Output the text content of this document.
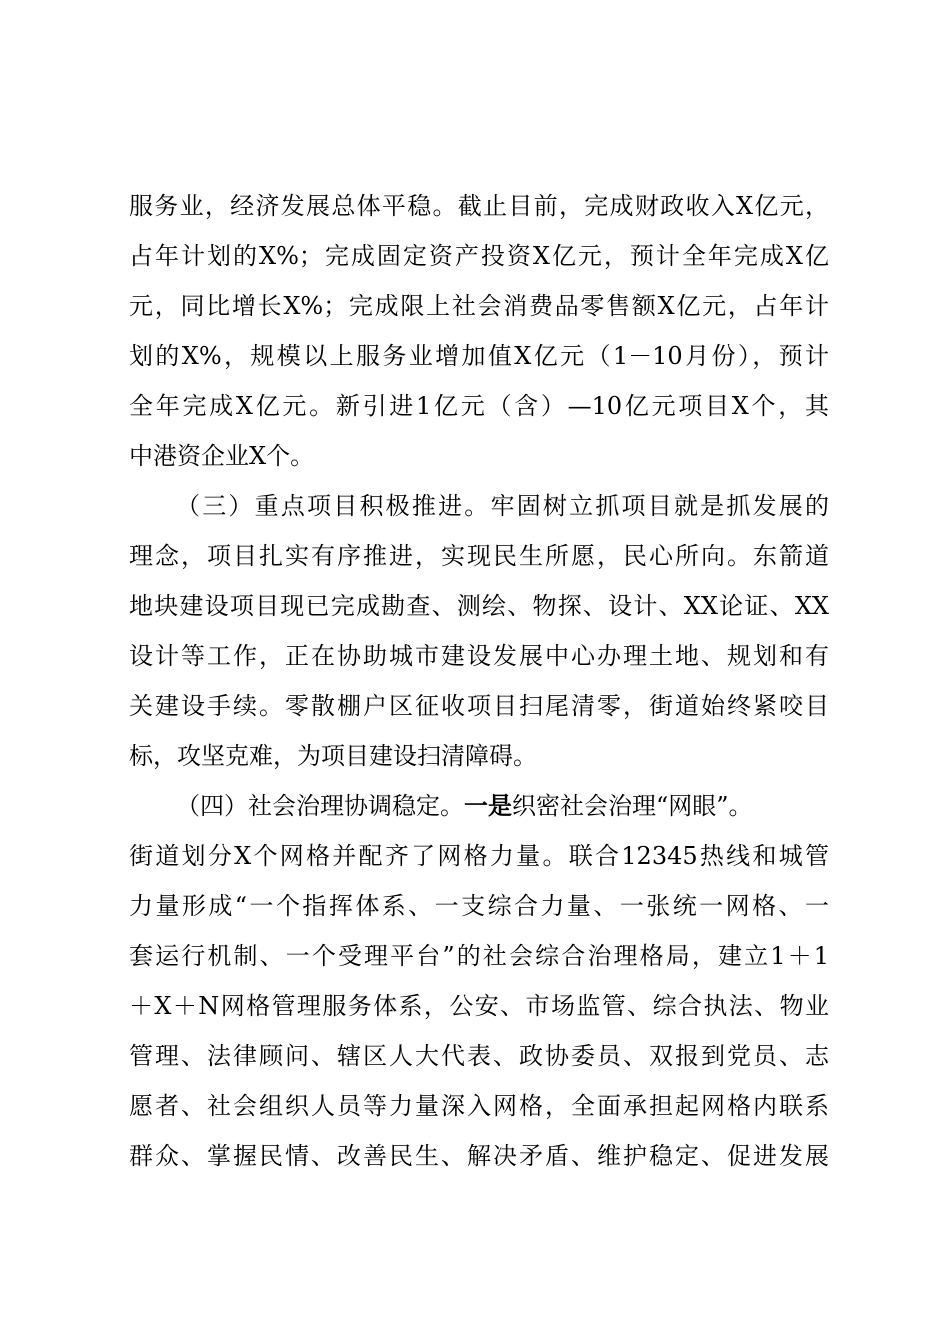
服务业，经济发展总体平稳。截止目前，完成财政收入X亿元，
占年计划的X%；完成固定资产投资X亿元，预计全年完成X亿
元，同比增长X%；完成限上社会消费品零售额X亿元，占年计
划的X%，规模以上服务业增加值X亿元（1－10月份），预计
全年完成X亿元。新引进1亿元（含）—10亿元项目X个，其
中港资企业X个。
（三）重点项目积极推进。牢固树立抓项目就是抓发展的
理念，项目扎实有序推进，实现民生所愿，民心所向。东箭道
地块建设项目现已完成勘查、测绘、物探、设计、XX论证、XX
设计等工作，正在协助城市建设发展中心办理土地、规划和有
关建设手续。零散棚户区征收项目扫尾清零，街道始终紧咬目
标，攻坚克难，为项目建设扫清障碍。
（四）社会治理协调稳定。一是织密社会治理“网眼”。
街道划分X个网格并配齐了网格力量。联合12345热线和城管
力量形成“一个指挥体系、一支综合力量、一张统一网格、一
套运行机制、一个受理平台”的社会综合治理格局，建立1＋1
＋X＋N网格管理服务体系，公安、市场监管、综合执法、物业
管理、法律顾问、辖区人大代表、政协委员、双报到党员、志
愿者、社会组织人员等力量深入网格，全面承担起网格内联系
群众、掌握民情、改善民生、解决矛盾、维护稳定、促进发展
